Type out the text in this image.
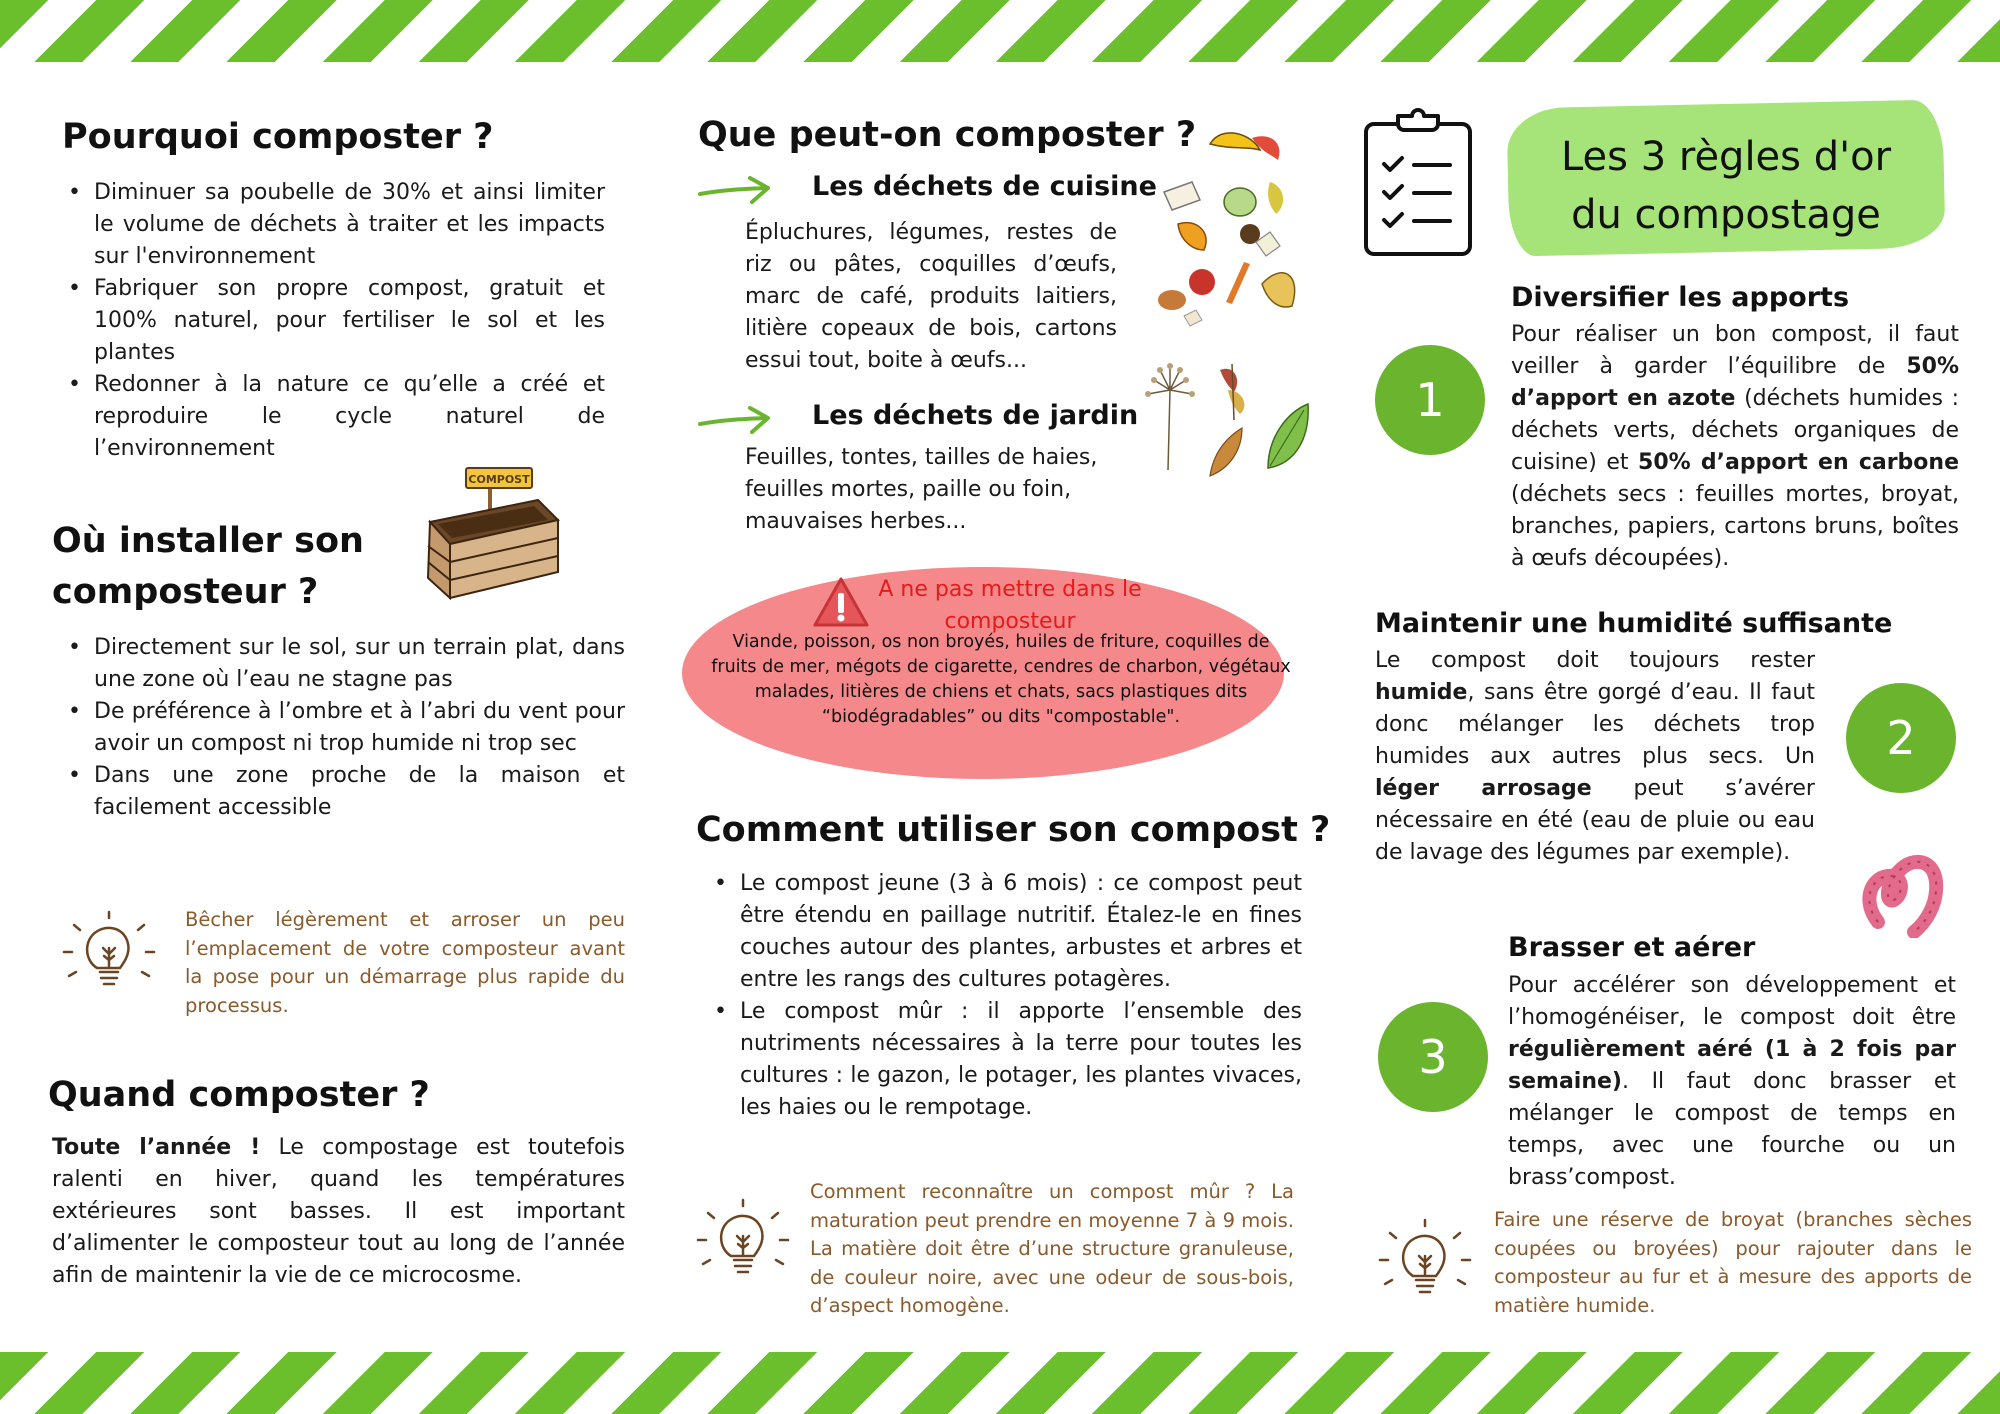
Pourquoi composter ?
• Diminuer sa poubelle de 30% et ainsi limiter le volume de déchets à traiter et les impacts sur l'environnement
• Fabriquer son propre compost, gratuit et 100% naturel, pour fertiliser le sol et les plantes
• Redonner à la nature ce qu’elle a créé et reproduire le cycle naturel de l’environnement
Où installer son
composteur ?
COMPOST
• Directement sur le sol, sur un terrain plat, dans une zone où l’eau ne stagne pas
• De préférence à l’ombre et à l’abri du vent pour avoir un compost ni trop humide ni trop sec
• Dans une zone proche de la maison et facilement accessible

Bêcher légèrement et arroser un peu l’emplacement de votre composteur avant la pose pour un démarrage plus rapide du processus.

Quand composter ?

Toute l’année ! Le compostage est toutefois ralenti en hiver, quand les températures extérieures sont basses. Il est important d’alimenter le composteur tout au long de l’année afin de maintenir la vie de ce microcosme.

Que peut-on composter ?
Les déchets de cuisine

Épluchures, légumes, restes de riz ou pâtes, coquilles d’œufs, marc de café, produits laitiers, litière copeaux de bois, cartons essui tout, boite à œufs...

Les déchets de jardin

Feuilles, tontes, tailles de haies, feuilles mortes, paille ou foin, mauvaises herbes...

A ne pas mettre dans le
composteur

Viande, poisson, os non broyés, huiles de friture, coquilles de fruits de mer, mégots de cigarette, cendres de charbon, végétaux malades, litières de chiens et chats, sacs plastiques dits “biodégradables” ou dits "compostable".

Comment utiliser son compost ?
• Le compost jeune (3 à 6 mois) : ce compost peut être étendu en paillage nutritif. Étalez-le en fines couches autour des plantes, arbustes et arbres et entre les rangs des cultures potagères.
• Le compost mûr : il apporte l’ensemble des nutriments nécessaires à la terre pour toutes les cultures : le gazon, le potager, les plantes vivaces, les haies ou le rempotage.

Comment reconnaître un compost mûr ? La maturation peut prendre en moyenne 7 à 9 mois. La matière doit être d’une structure granuleuse, de couleur noire, avec une odeur de sous-bois, d’aspect homogène.

Les 3 règles d'or
du compostage
1
Diversifier les apports

Pour réaliser un bon compost, il faut veiller à garder l’équilibre de 50% d’apport en azote (déchets humides : déchets verts, déchets organiques de cuisine) et 50% d’apport en carbone (déchets secs : feuilles mortes, broyat, branches, papiers, cartons bruns, boîtes à œufs découpées).

Maintenir une humidité suffisante

Le compost doit toujours rester humide, sans être gorgé d’eau. Il faut donc mélanger les déchets trop humides aux autres plus secs. Un léger arrosage peut s’avérer nécessaire en été (eau de pluie ou eau de lavage des légumes par exemple).

2
3
Brasser et aérer

Pour accélérer son développement et l’homogénéiser, le compost doit être régulièrement aéré (1 à 2 fois par semaine). Il faut donc brasser et mélanger le compost de temps en temps, avec une fourche ou un brass’compost.

Faire une réserve de broyat (branches sèches coupées ou broyées) pour rajouter dans le composteur au fur et à mesure des apports de matière humide.
